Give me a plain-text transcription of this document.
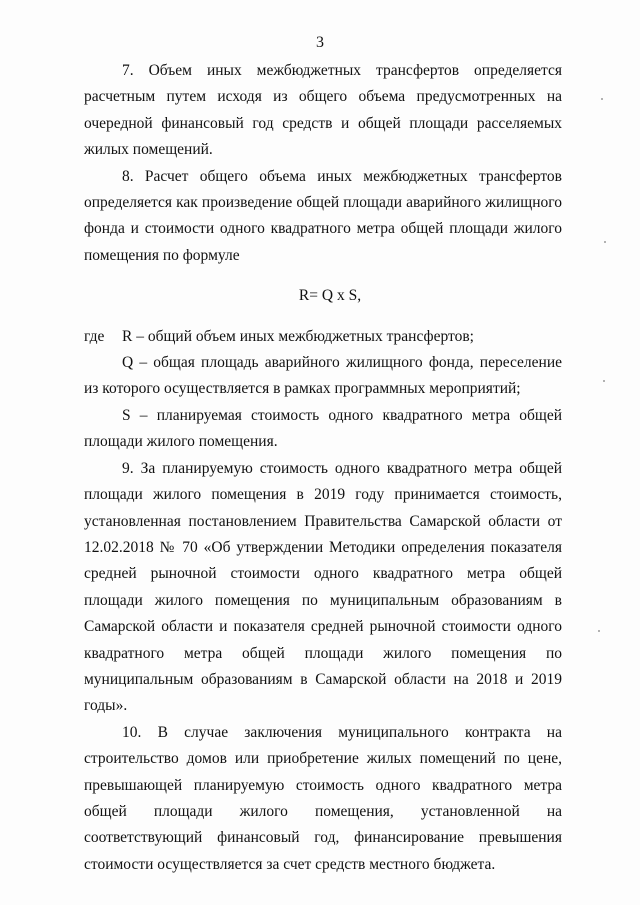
3

7. Объем иных межбюджетных трансфертов определяется расчетным путем исходя из общего объема предусмотренных на очередной финансовый год средств и общей площади расселяемых жилых помещений.

8. Расчет общего объема иных межбюджетных трансфертов определяется как произведение общей площади аварийного жилищного фонда и стоимости одного квадратного метра общей площади жилого помещения по формуле

R= Q x S,

где R – общий объем иных межбюджетных трансфертов;

Q – общая площадь аварийного жилищного фонда, переселение из которого осуществляется в рамках программных мероприятий;

S – планируемая стоимость одного квадратного метра общей площади жилого помещения.

9. За планируемую стоимость одного квадратного метра общей площади жилого помещения в 2019 году принимается стоимость, установленная постановлением Правительства Самарской области от 12.02.2018 № 70 «Об утверждении Методики определения показателя средней рыночной стоимости одного квадратного метра общей площади жилого помещения по муниципальным образованиям в Самарской области и показателя средней рыночной стоимости одного квадратного метра общей площади жилого помещения по муниципальным образованиям в Самарской области на 2018 и 2019 годы».

10. В случае заключения муниципального контракта на строительство домов или приобретение жилых помещений по цене, превышающей планируемую стоимость одного квадратного метра общей площади жилого помещения, установленной на соответствующий финансовый год, финансирование превышения стоимости осуществляется за счет средств местного бюджета.
